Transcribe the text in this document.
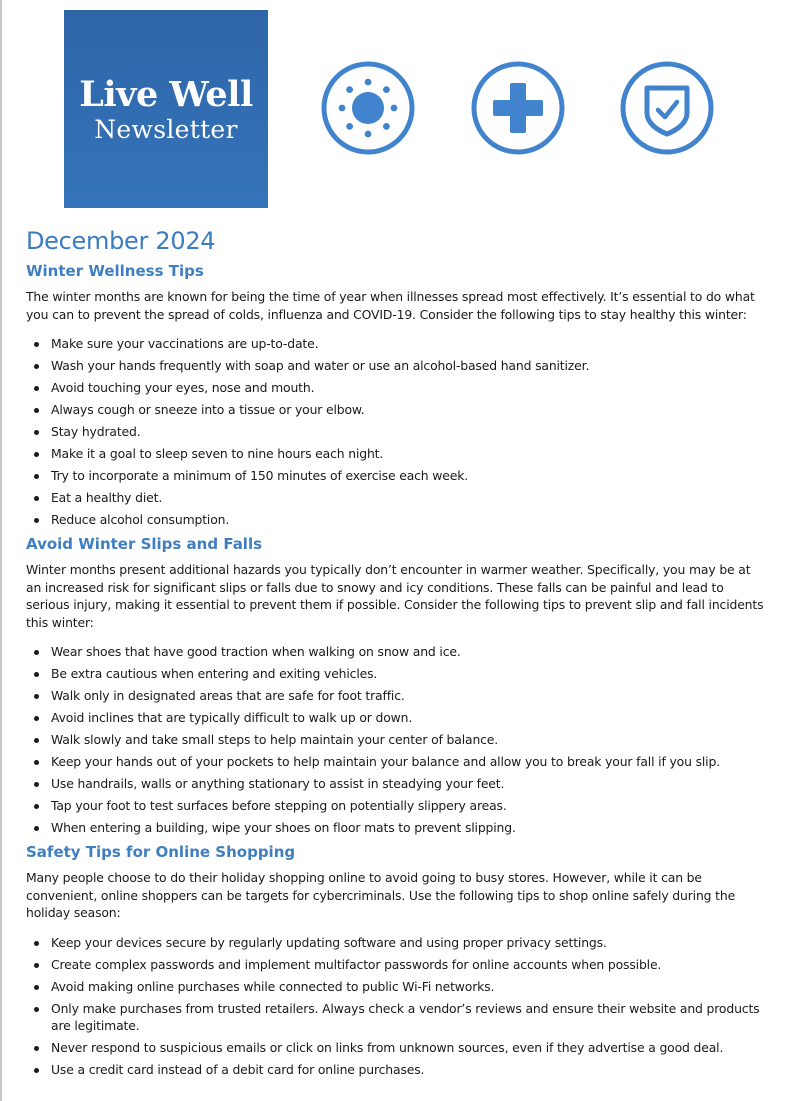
Live Well
Newsletter
December 2024
Winter Wellness Tips

The winter months are known for being the time of year when illnesses spread most effectively. It’s essential to do what you can to prevent the spread of colds, influenza and COVID-19. Consider the following tips to stay healthy this winter:

Make sure your vaccinations are up-to-date.
Wash your hands frequently with soap and water or use an alcohol-based hand sanitizer.
Avoid touching your eyes, nose and mouth.
Always cough or sneeze into a tissue or your elbow.
Stay hydrated.
Make it a goal to sleep seven to nine hours each night.
Try to incorporate a minimum of 150 minutes of exercise each week.
Eat a healthy diet.
Reduce alcohol consumption.
Avoid Winter Slips and Falls

Winter months present additional hazards you typically don’t encounter in warmer weather. Specifically, you may be at an increased risk for significant slips or falls due to snowy and icy conditions. These falls can be painful and lead to serious injury, making it essential to prevent them if possible. Consider the following tips to prevent slip and fall incidents this winter:

Wear shoes that have good traction when walking on snow and ice.
Be extra cautious when entering and exiting vehicles.
Walk only in designated areas that are safe for foot traffic.
Avoid inclines that are typically difficult to walk up or down.
Walk slowly and take small steps to help maintain your center of balance.
Keep your hands out of your pockets to help maintain your balance and allow you to break your fall if you slip.
Use handrails, walls or anything stationary to assist in steadying your feet.
Tap your foot to test surfaces before stepping on potentially slippery areas.
When entering a building, wipe your shoes on floor mats to prevent slipping.
Safety Tips for Online Shopping

Many people choose to do their holiday shopping online to avoid going to busy stores. However, while it can be convenient, online shoppers can be targets for cybercriminals. Use the following tips to shop online safely during the holiday season:

Keep your devices secure by regularly updating software and using proper privacy settings.
Create complex passwords and implement multifactor passwords for online accounts when possible.
Avoid making online purchases while connected to public Wi-Fi networks.
Only make purchases from trusted retailers. Always check a vendor’s reviews and ensure their website and products are legitimate.
Never respond to suspicious emails or click on links from unknown sources, even if they advertise a good deal.
Use a credit card instead of a debit card for online purchases.
